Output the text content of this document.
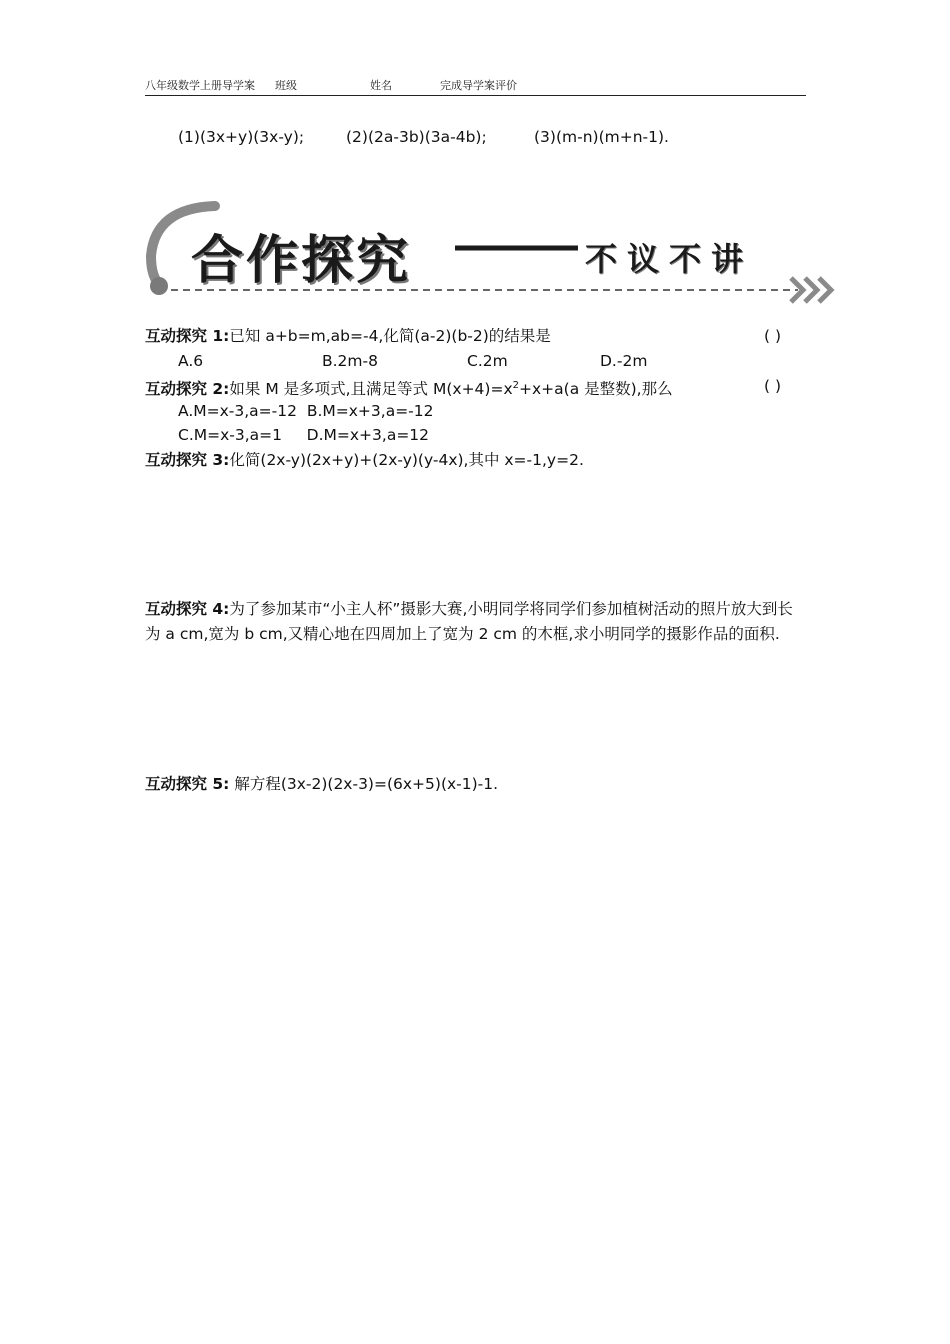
八年级数学上册导学案 班级	姓名	完成导学案评价
(1)(3x+y)(3x-y);	(2)(2a-3b)(3a-4b);	(3)(m-n)(m+n-1).
合作探究	不议不讲
互动探究 1:已知 a+b=m,ab=-4,化简(a-2)(b-2)的结果是	( )
A.6	B.2m-8	C.2m	D.-2m
互动探究 2:如果 M 是多项式,且满足等式 $M(x+4)=x^2+x+a(a$ 是整数),那么	( )
A.M=x-3,a=-12  B.M=x+3,a=-12
C.M=x-3,a=1     D.M=x+3,a=12
互动探究 3:化简(2x-y)(2x+y)+(2x-y)(y-4x),其中 x=-1,y=2.
互动探究 4:为了参加某市“小主人杯”摄影大赛,小明同学将同学们参加植树活动的照片放大到长为 a cm,宽为 b cm,又精心地在四周加上了宽为 2 cm 的木框,求小明同学的摄影作品的面积.
互动探究 5: 解方程(3x-2)(2x-3)=(6x+5)(x-1)-1.
